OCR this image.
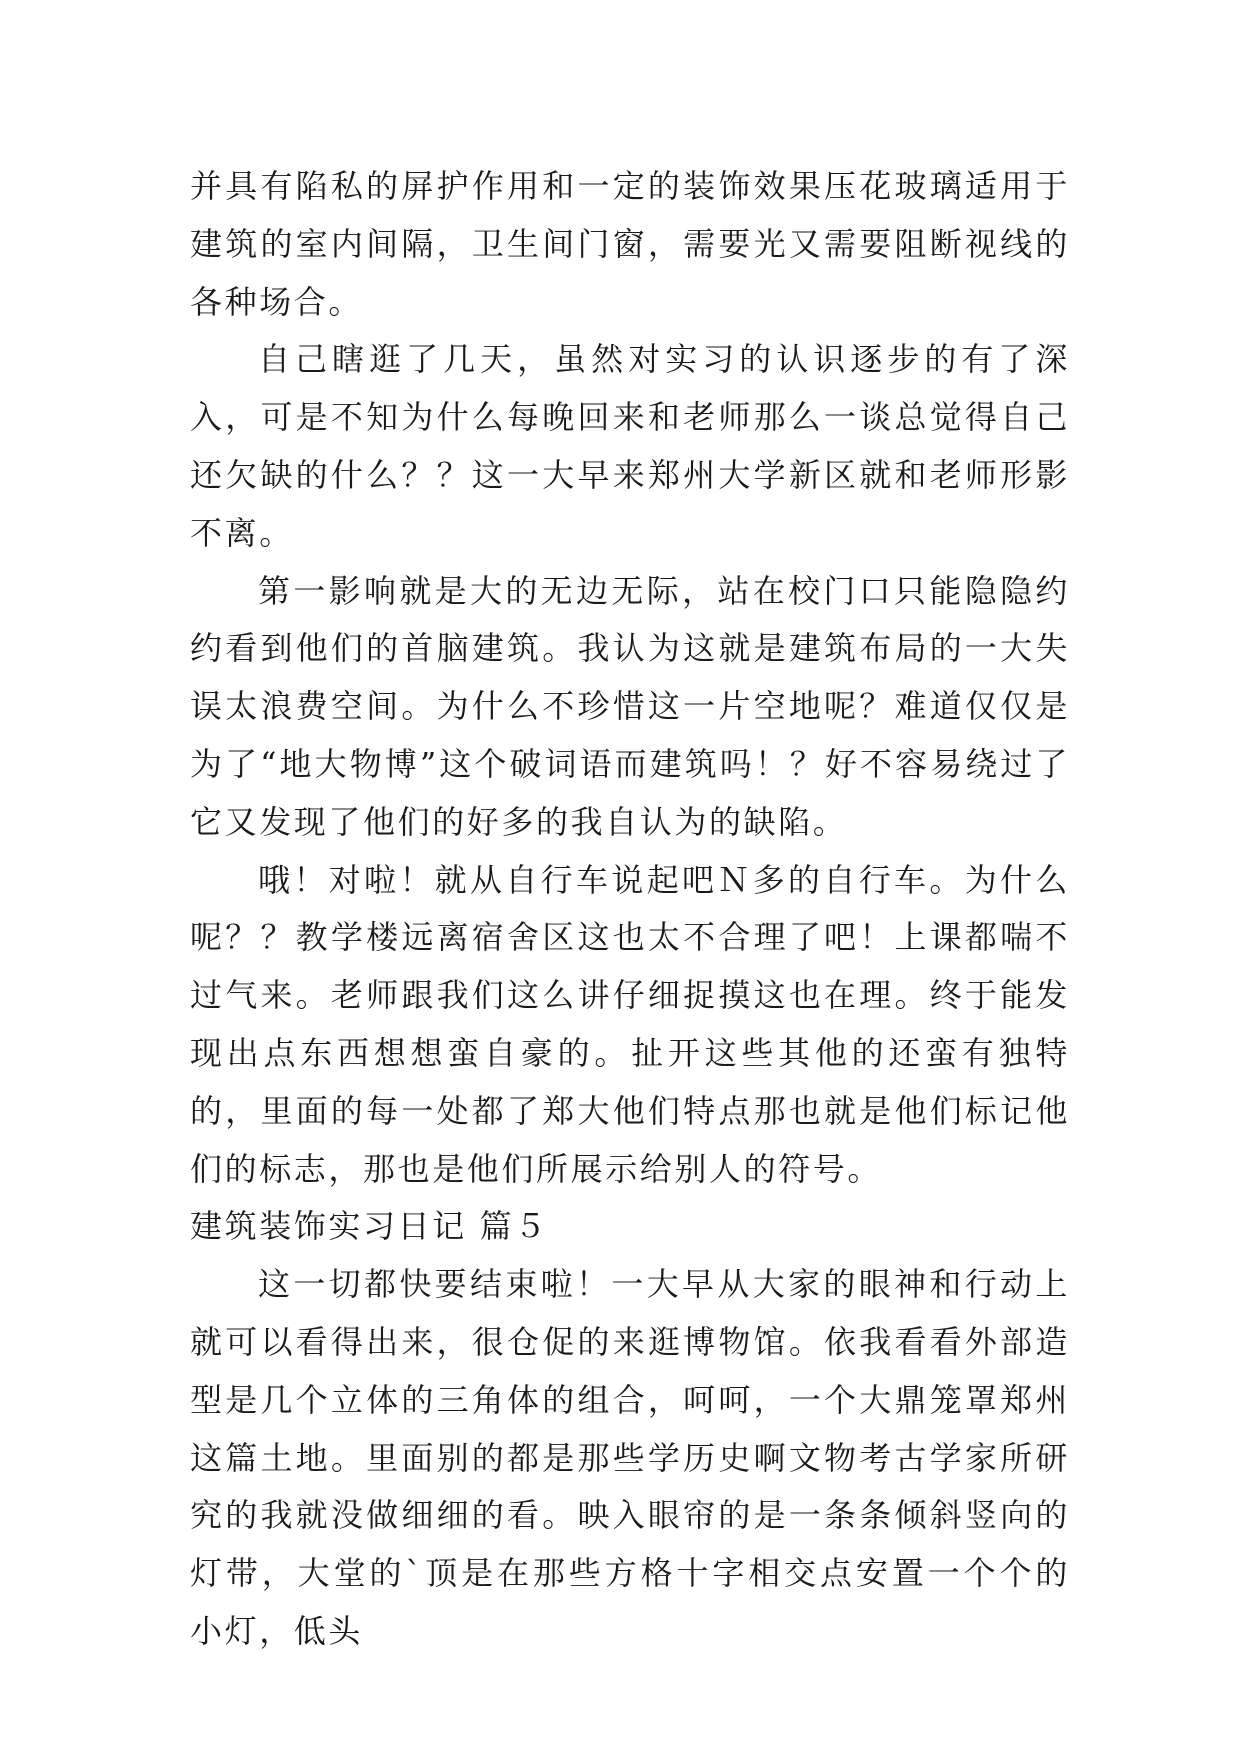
并具有陷私的屏护作用和一定的装饰效果压花玻璃适用于建筑的室内间隔，卫生间门窗，需要光又需要阻断视线的各种场合。

自己瞎逛了几天，虽然对实习的认识逐步的有了深入，可是不知为什么每晚回来和老师那么一谈总觉得自己还欠缺的什么？？这一大早来郑州大学新区就和老师形影不离。

第一影响就是大的无边无际，站在校门口只能隐隐约约看到他们的首脑建筑。我认为这就是建筑布局的一大失误太浪费空间。为什么不珍惜这一片空地呢？难道仅仅是为了“地大物博”这个破词语而建筑吗！？好不容易绕过了它又发现了他们的好多的我自认为的缺陷。

哦！对啦！就从自行车说起吧Ｎ多的自行车。为什么呢？？教学楼远离宿舍区这也太不合理了吧！上课都喘不过气来。老师跟我们这么讲仔细捉摸这也在理。终于能发现出点东西想想蛮自豪的。扯开这些其他的还蛮有独特的，里面的每一处都了郑大他们特点那也就是他们标记他们的标志，那也是他们所展示给别人的符号。

建筑装饰实习日记 篇５

这一切都快要结束啦！一大早从大家的眼神和行动上就可以看得出来，很仓促的来逛博物馆。依我看看外部造型是几个立体的三角体的组合，呵呵，一个大鼎笼罩郑州这篇土地。里面别的都是那些学历史啊文物考古学家所研究的我就没做细细的看。映入眼帘的是一条条倾斜竖向的灯带，大堂的`顶是在那些方格十字相交点安置一个个的小灯，低头
